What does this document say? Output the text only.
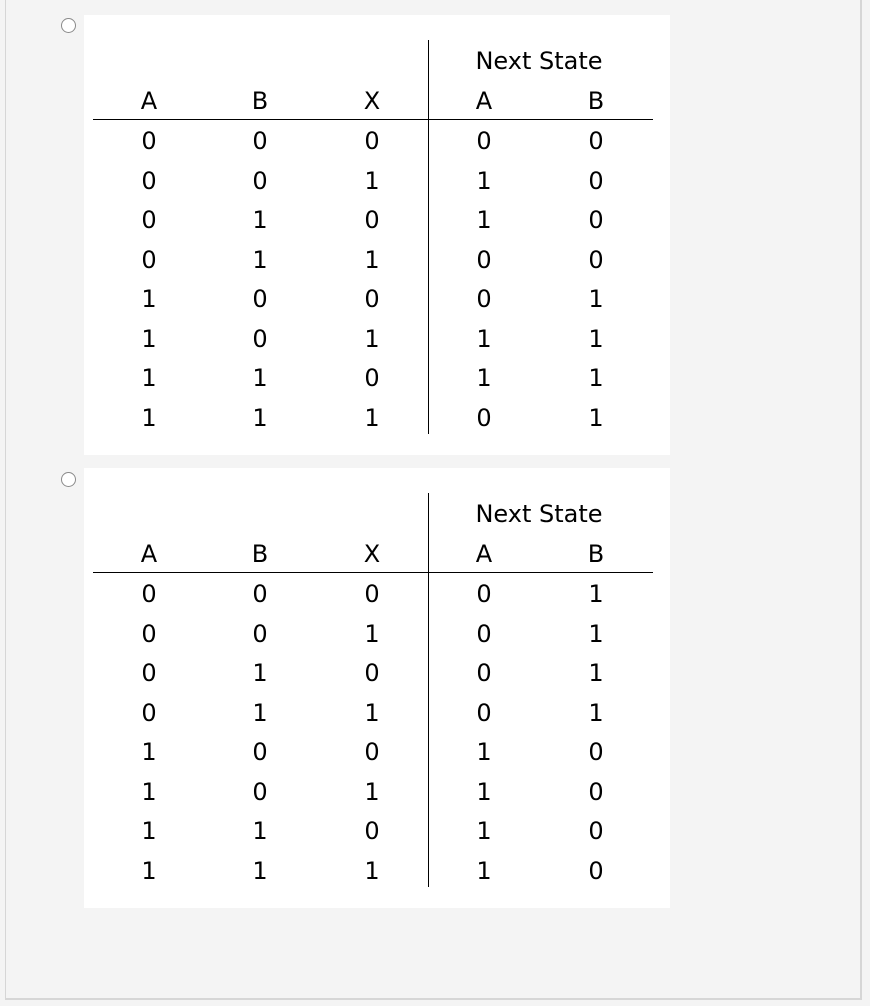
Next State
A	B	X	A	B
0	0	0	0	0
0	0	1	1	0
0	1	0	1	0
0	1	1	0	0
1	0	0	0	1
1	0	1	1	1
1	1	0	1	1
1	1	1	0	1
Next State
A	B	X	A	B
0	0	0	0	1
0	0	1	0	1
0	1	0	0	1
0	1	1	0	1
1	0	0	1	0
1	0	1	1	0
1	1	0	1	0
1	1	1	1	0
